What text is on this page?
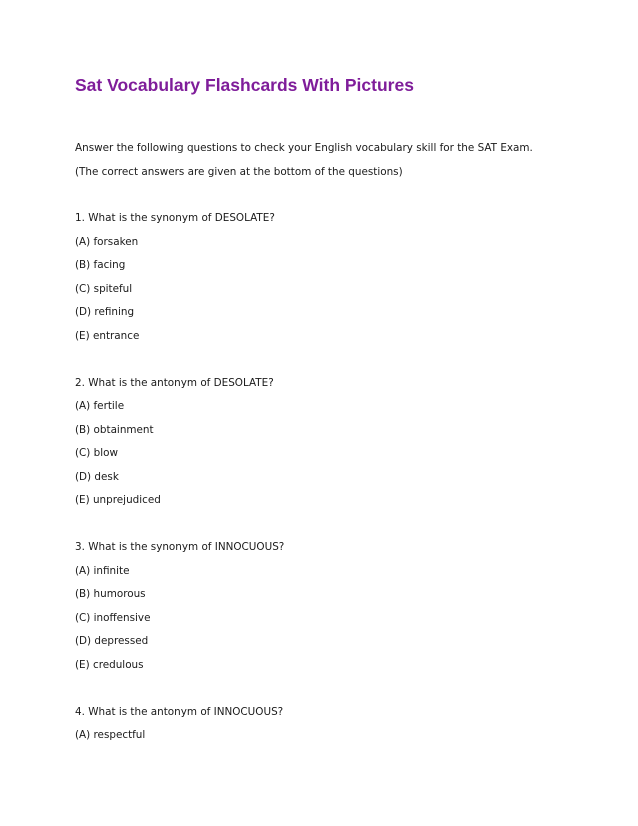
Sat Vocabulary Flashcards With Pictures

Answer the following questions to check your English vocabulary skill for the SAT Exam.

(The correct answers are given at the bottom of the questions)

1. What is the synonym of DESOLATE?

(A) forsaken

(B) facing

(C) spiteful

(D) refining

(E) entrance

2. What is the antonym of DESOLATE?

(A) fertile

(B) obtainment

(C) blow

(D) desk

(E) unprejudiced

3. What is the synonym of INNOCUOUS?

(A) infinite

(B) humorous

(C) inoffensive

(D) depressed

(E) credulous

4. What is the antonym of INNOCUOUS?

(A) respectful
